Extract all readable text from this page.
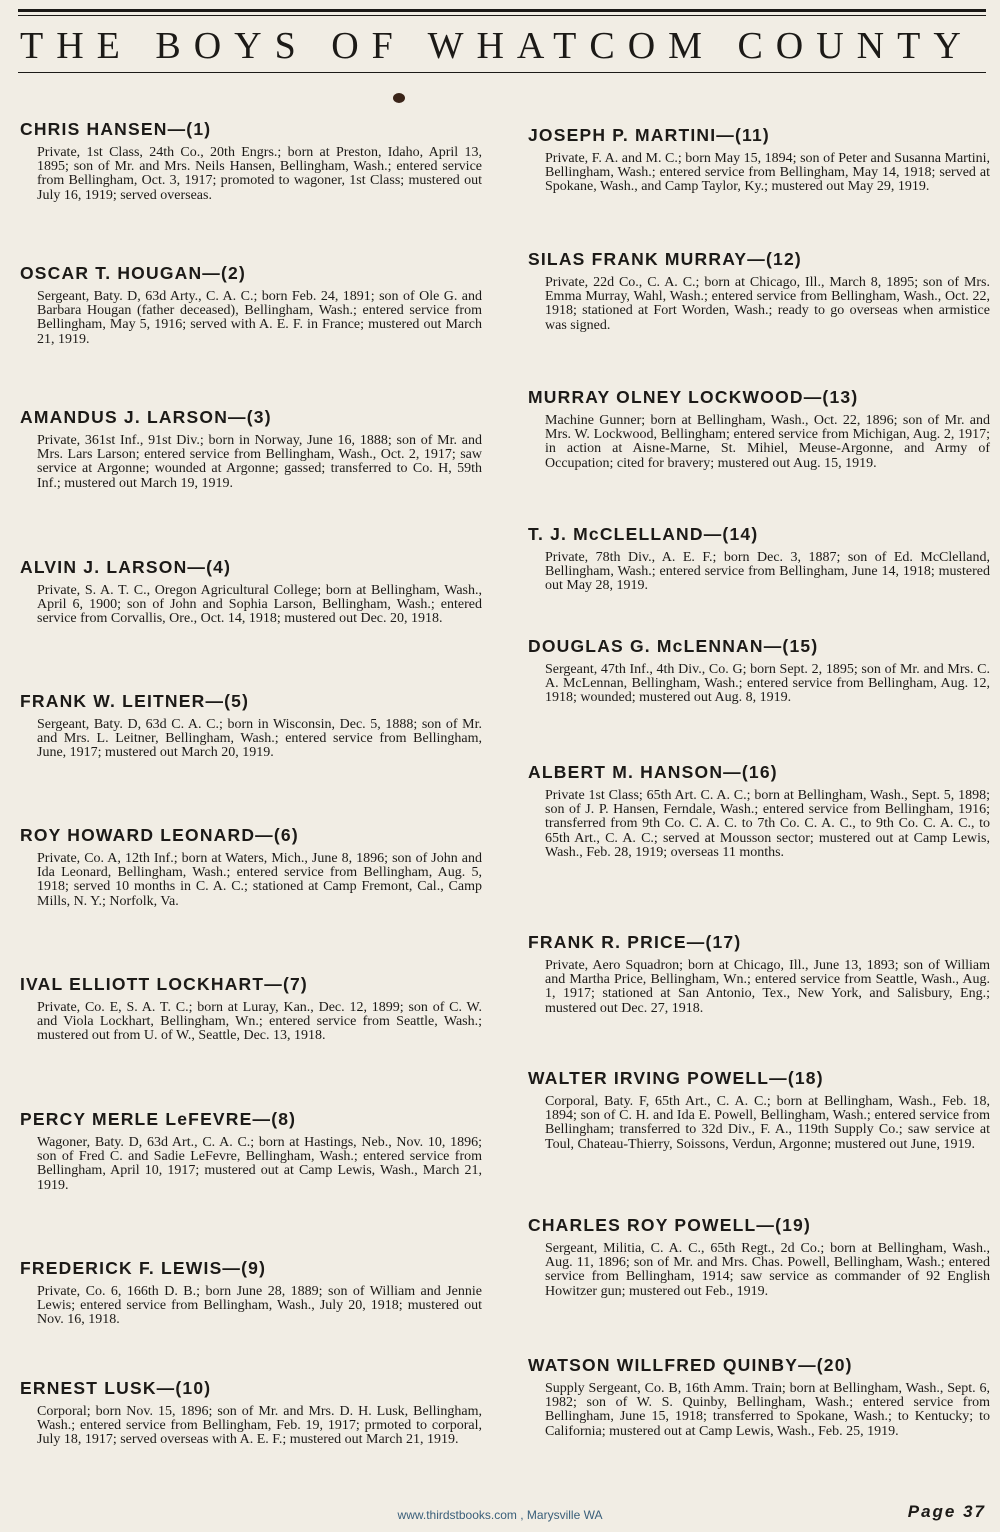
THE BOYS OF WHATCOM COUNTY
CHRIS HANSEN—(1)
Private, 1st Class, 24th Co., 20th Engrs.; born at Preston, Idaho, April 13, 1895; son of Mr. and Mrs. Neils Hansen, Bellingham, Wash.; entered service from Bellingham, Oct. 3, 1917; promoted to wagoner, 1st Class; mustered out July 16, 1919; served overseas.
OSCAR T. HOUGAN—(2)
Sergeant, Baty. D, 63d Arty., C. A. C.; born Feb. 24, 1891; son of Ole G. and Barbara Hougan (father deceased), Bellingham, Wash.; entered service from Bellingham, May 5, 1916; served with A. E. F. in France; mustered out March 21, 1919.
AMANDUS J. LARSON—(3)
Private, 361st Inf., 91st Div.; born in Norway, June 16, 1888; son of Mr. and Mrs. Lars Larson; entered service from Bellingham, Wash., Oct. 2, 1917; saw service at Argonne; wounded at Argonne; gassed; transferred to Co. H, 59th Inf.; mustered out March 19, 1919.
ALVIN J. LARSON—(4)
Private, S. A. T. C., Oregon Agricultural College; born at Bellingham, Wash., April 6, 1900; son of John and Sophia Larson, Bellingham, Wash.; entered service from Corvallis, Ore., Oct. 14, 1918; mustered out Dec. 20, 1918.
FRANK W. LEITNER—(5)
Sergeant, Baty. D, 63d C. A. C.; born in Wisconsin, Dec. 5, 1888; son of Mr. and Mrs. L. Leitner, Bellingham, Wash.; entered service from Bellingham, June, 1917; mustered out March 20, 1919.
ROY HOWARD LEONARD—(6)
Private, Co. A, 12th Inf.; born at Waters, Mich., June 8, 1896; son of John and Ida Leonard, Bellingham, Wash.; entered service from Bellingham, Aug. 5, 1918; served 10 months in C. A. C.; stationed at Camp Fremont, Cal., Camp Mills, N. Y.; Norfolk, Va.
IVAL ELLIOTT LOCKHART—(7)
Private, Co. E, S. A. T. C.; born at Luray, Kan., Dec. 12, 1899; son of C. W. and Viola Lockhart, Bellingham, Wn.; entered service from Seattle, Wash.; mustered out from U. of W., Seattle, Dec. 13, 1918.
PERCY MERLE LeFEVRE—(8)
Wagoner, Baty. D, 63d Art., C. A. C.; born at Hastings, Neb., Nov. 10, 1896; son of Fred C. and Sadie LeFevre, Bellingham, Wash.; entered service from Bellingham, April 10, 1917; mustered out at Camp Lewis, Wash., March 21, 1919.
FREDERICK F. LEWIS—(9)
Private, Co. 6, 166th D. B.; born June 28, 1889; son of William and Jennie Lewis; entered service from Bellingham, Wash., July 20, 1918; mustered out Nov. 16, 1918.
ERNEST LUSK—(10)
Corporal; born Nov. 15, 1896; son of Mr. and Mrs. D. H. Lusk, Bellingham, Wash.; entered service from Bellingham, Feb. 19, 1917; prmoted to corporal, July 18, 1917; served overseas with A. E. F.; mustered out March 21, 1919.
JOSEPH P. MARTINI—(11)
Private, F. A. and M. C.; born May 15, 1894; son of Peter and Susanna Martini, Bellingham, Wash.; entered service from Bellingham, May 14, 1918; served at Spokane, Wash., and Camp Taylor, Ky.; mustered out May 29, 1919.
SILAS FRANK MURRAY—(12)
Private, 22d Co., C. A. C.; born at Chicago, Ill., March 8, 1895; son of Mrs. Emma Murray, Wahl, Wash.; entered service from Bellingham, Wash., Oct. 22, 1918; stationed at Fort Worden, Wash.; ready to go overseas when armistice was signed.
MURRAY OLNEY LOCKWOOD—(13)
Machine Gunner; born at Bellingham, Wash., Oct. 22, 1896; son of Mr. and Mrs. W. Lockwood, Bellingham; entered service from Michigan, Aug. 2, 1917; in action at Aisne-Marne, St. Mihiel, Meuse-Argonne, and Army of Occupation; cited for bravery; mustered out Aug. 15, 1919.
T. J. McCLELLAND—(14)
Private, 78th Div., A. E. F.; born Dec. 3, 1887; son of Ed. McClelland, Bellingham, Wash.; entered service from Bellingham, June 14, 1918; mustered out May 28, 1919.
DOUGLAS G. McLENNAN—(15)
Sergeant, 47th Inf., 4th Div., Co. G; born Sept. 2, 1895; son of Mr. and Mrs. C. A. McLennan, Bellingham, Wash.; entered service from Bellingham, Aug. 12, 1918; wounded; mustered out Aug. 8, 1919.
ALBERT M. HANSON—(16)
Private 1st Class; 65th Art. C. A. C.; born at Bellingham, Wash., Sept. 5, 1898; son of J. P. Hansen, Ferndale, Wash.; entered service from Bellingham, 1916; transferred from 9th Co. C. A. C. to 7th Co. C. A. C., to 9th Co. C. A. C., to 65th Art., C. A. C.; served at Mousson sector; mustered out at Camp Lewis, Wash., Feb. 28, 1919; overseas 11 months.
FRANK R. PRICE—(17)
Private, Aero Squadron; born at Chicago, Ill., June 13, 1893; son of William and Martha Price, Bellingham, Wn.; entered service from Seattle, Wash., Aug. 1, 1917; stationed at San Antonio, Tex., New York, and Salisbury, Eng.; mustered out Dec. 27, 1918.
WALTER IRVING POWELL—(18)
Corporal, Baty. F, 65th Art., C. A. C.; born at Bellingham, Wash., Feb. 18, 1894; son of C. H. and Ida E. Powell, Bellingham, Wash.; entered service from Bellingham; transferred to 32d Div., F. A., 119th Supply Co.; saw service at Toul, Chateau-Thierry, Soissons, Verdun, Argonne; mustered out June, 1919.
CHARLES ROY POWELL—(19)
Sergeant, Militia, C. A. C., 65th Regt., 2d Co.; born at Bellingham, Wash., Aug. 11, 1896; son of Mr. and Mrs. Chas. Powell, Bellingham, Wash.; entered service from Bellingham, 1914; saw service as commander of 92 English Howitzer gun; mustered out Feb., 1919.
WATSON WILLFRED QUINBY—(20)
Supply Sergeant, Co. B, 16th Amm. Train; born at Bellingham, Wash., Sept. 6, 1982; son of W. S. Quinby, Bellingham, Wash.; entered service from Bellingham, June 15, 1918; transferred to Spokane, Wash.; to Kentucky; to California; mustered out at Camp Lewis, Wash., Feb. 25, 1919.
www.thirdstbooks.com , Marysville WA	Page 37
